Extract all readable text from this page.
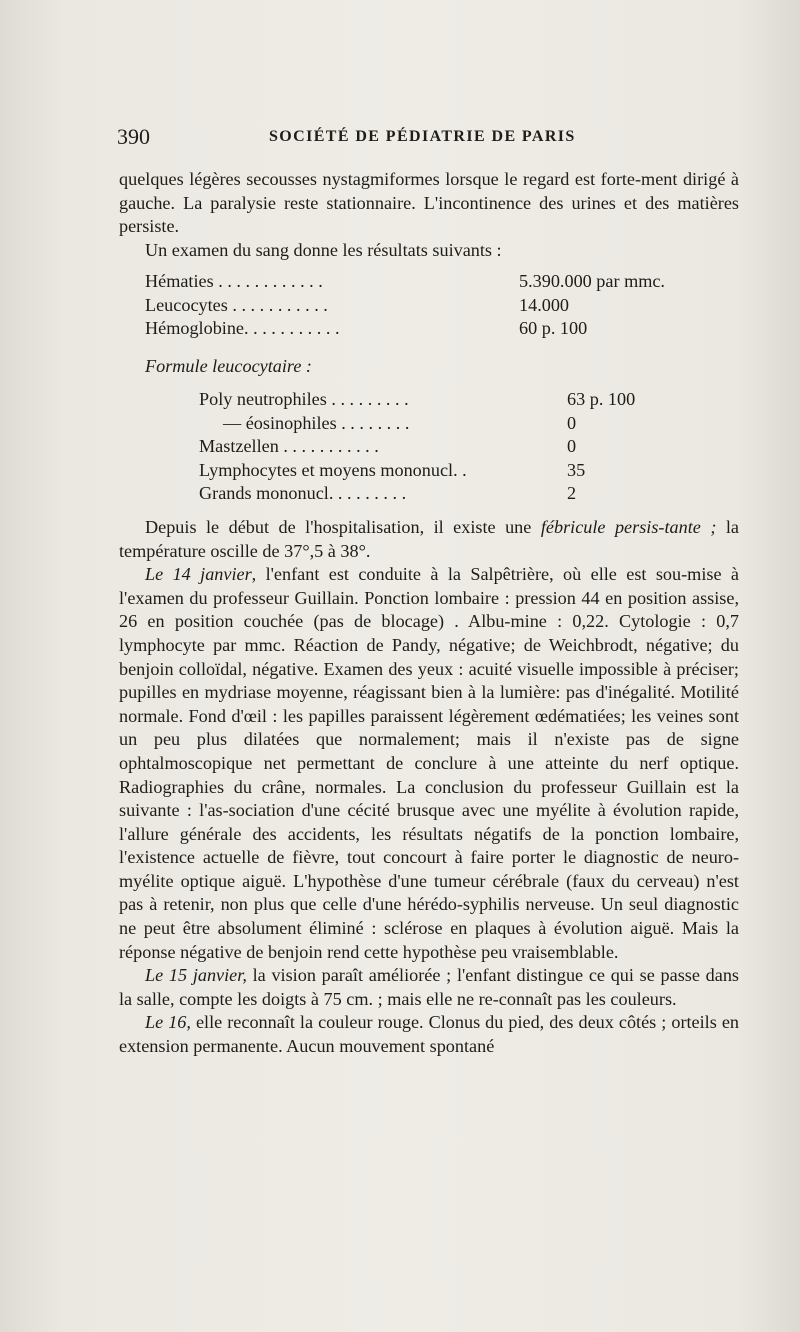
390	SOCIÉTÉ DE PÉDIATRIE DE PARIS

quelques légères secousses nystagmiformes lorsque le regard est forte-ment dirigé à gauche. La paralysie reste stationnaire. L'incontinence des urines et des matières persiste.

Un examen du sang donne les résultats suivants :

Hématies . . . . . . . . . . . .	5.390.000 par mmc.
Leucocytes . . . . . . . . . . .	14.000
Hémoglobine. . . . . . . . . . .	60 p. 100
Formule leucocytaire :
Poly neutrophiles . . . . . . . . .	63 p. 100
— éosinophiles . . . . . . . .	0
Mastzellen . . . . . . . . . . .	0
Lymphocytes et moyens mononucl. .	35
Grands mononucl. . . . . . . . .	2

Depuis le début de l'hospitalisation, il existe une fébricule persis-tante ; la température oscille de 37°,5 à 38°.

Le 14 janvier, l'enfant est conduite à la Salpêtrière, où elle est sou-mise à l'examen du professeur Guillain. Ponction lombaire : pression 44 en position assise, 26 en position couchée (pas de blocage) . Albu-mine : 0,22. Cytologie : 0,7 lymphocyte par mmc. Réaction de Pandy, négative; de Weichbrodt, négative; du benjoin colloïdal, négative. Examen des yeux : acuité visuelle impossible à préciser; pupilles en mydriase moyenne, réagissant bien à la lumière: pas d'inégalité. Motilité normale. Fond d'œil : les papilles paraissent légèrement œdématiées; les veines sont un peu plus dilatées que normalement; mais il n'existe pas de signe ophtalmoscopique net permettant de conclure à une atteinte du nerf optique. Radiographies du crâne, normales. La conclusion du professeur Guillain est la suivante : l'as-sociation d'une cécité brusque avec une myélite à évolution rapide, l'allure générale des accidents, les résultats négatifs de la ponction lombaire, l'existence actuelle de fièvre, tout concourt à faire porter le diagnostic de neuro-myélite optique aiguë. L'hypothèse d'une tumeur cérébrale (faux du cerveau) n'est pas à retenir, non plus que celle d'une hérédo-syphilis nerveuse. Un seul diagnostic ne peut être absolument éliminé : sclérose en plaques à évolution aiguë. Mais la réponse négative de benjoin rend cette hypothèse peu vraisemblable.

Le 15 janvier, la vision paraît améliorée ; l'enfant distingue ce qui se passe dans la salle, compte les doigts à 75 cm. ; mais elle ne re-connaît pas les couleurs.

Le 16, elle reconnaît la couleur rouge. Clonus du pied, des deux côtés ; orteils en extension permanente. Aucun mouvement spontané
